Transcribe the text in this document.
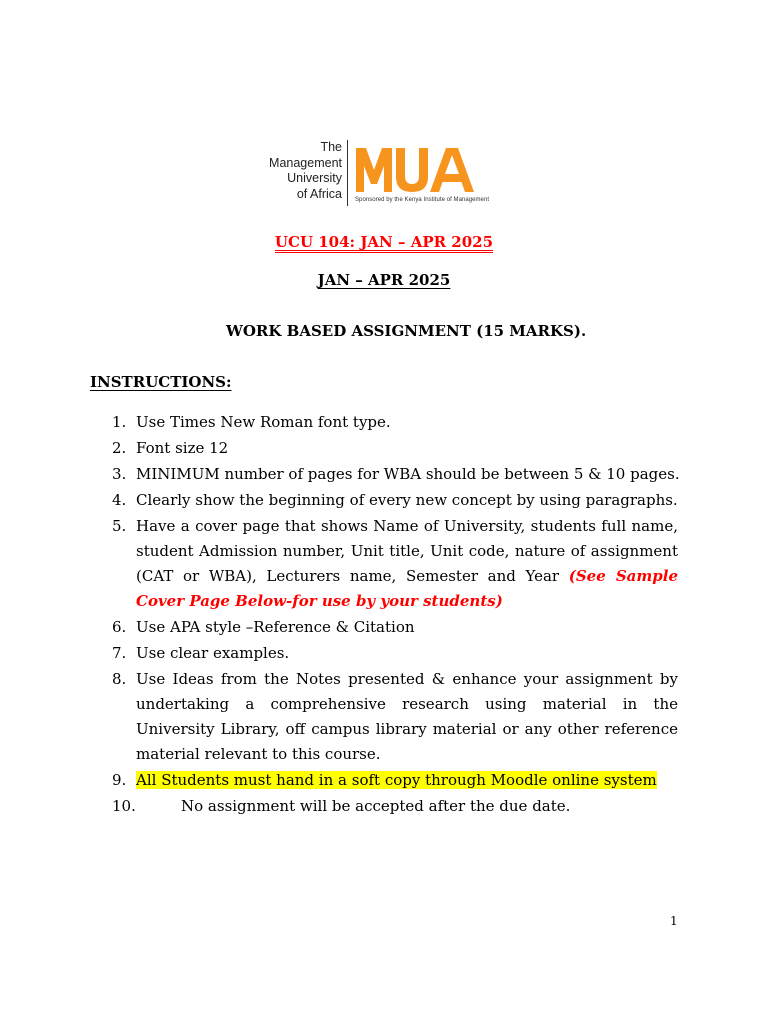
The
Management
University
of Africa Sponsored by the Kenya Institute of Management
UCU 104: JAN – APR 2025
JAN – APR 2025
WORK BASED ASSIGNMENT (15 MARKS).
INSTRUCTIONS:
1. Use Times New Roman font type.
2. Font size 12
3. MINIMUM number of pages for WBA should be between 5 & 10 pages.
4. Clearly show the beginning of every new concept by using paragraphs.
5. Have a cover page that shows Name of University, students full name, student Admission number, Unit title, Unit code, nature of assignment (CAT or WBA), Lecturers name, Semester and Year (See Sample Cover Page Below-for use by your students)
6. Use APA style –Reference & Citation
7. Use clear examples.
8. Use Ideas from the Notes presented & enhance your assignment by undertaking a comprehensive research using material in the University Library, off campus library material or any other reference material relevant to this course.
9. All Students must hand in a soft copy through Moodle online system
10.	No assignment will be accepted after the due date.
1
